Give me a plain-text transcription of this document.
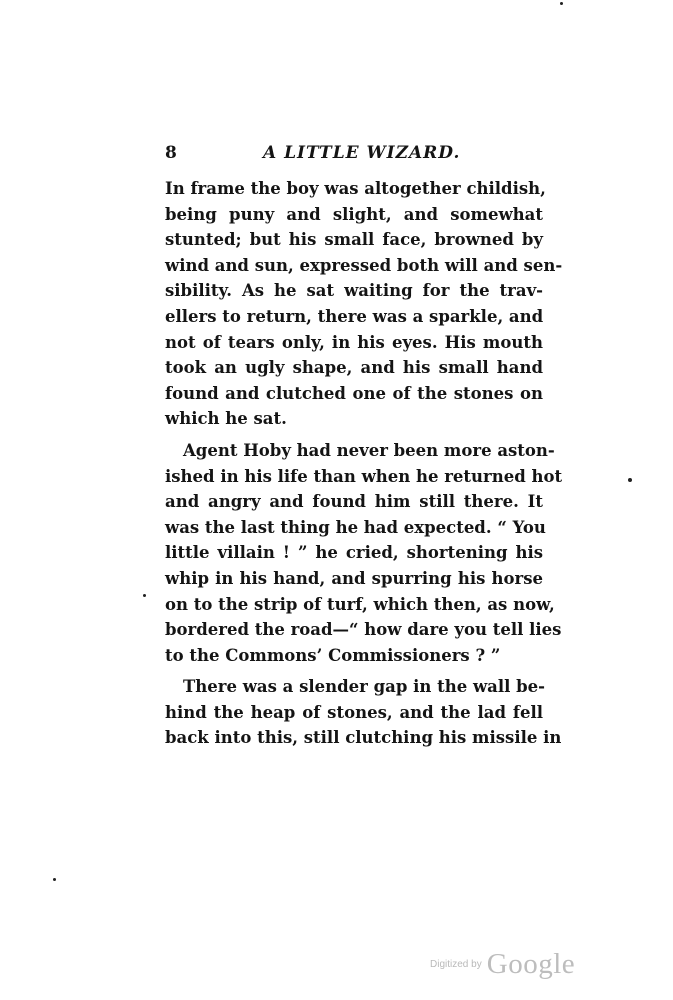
8	A LITTLE WIZARD.
In frame the boy was altogether childish,
being puny and slight, and somewhat
stunted; but his small face, browned by
wind and sun, expressed both will and sen-
sibility. As he sat waiting for the trav-
ellers to return, there was a sparkle, and
not of tears only, in his eyes. His mouth
took an ugly shape, and his small hand
found and clutched one of the stones on
which he sat.
Agent Hoby had never been more aston-
ished in his life than when he returned hot
and angry and found him still there. It
was the last thing he had expected. “ You
little villain ! ” he cried, shortening his
whip in his hand, and spurring his horse
on to the strip of turf, which then, as now,
bordered the road—“ how dare you tell lies
to the Commons’ Commissioners ? ”
There was a slender gap in the wall be-
hind the heap of stones, and the lad fell
back into this, still clutching his missile in
Digitized by Google
